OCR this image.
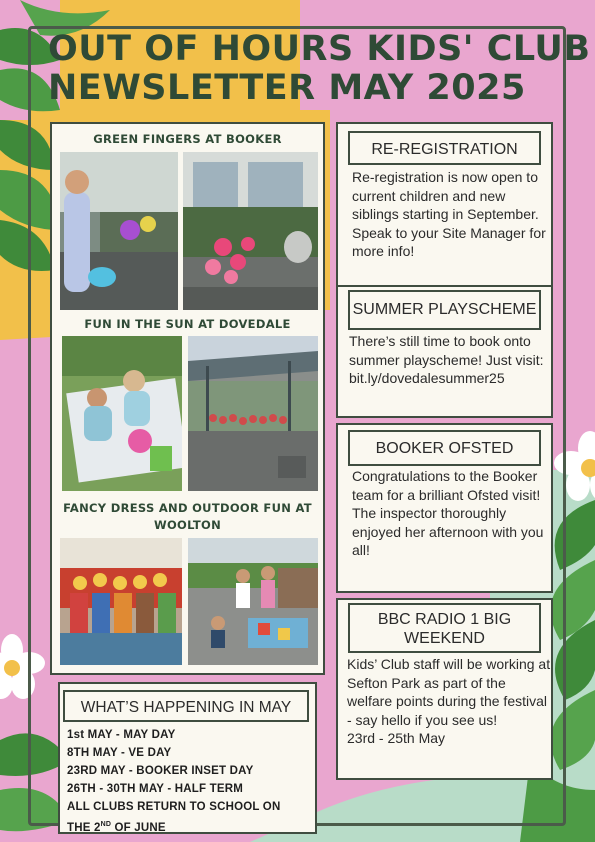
OUT OF HOURS KIDS' CLUB
NEWSLETTER MAY 2025
GREEN FINGERS AT BOOKER
FUN IN THE SUN AT DOVEDALE
FANCY DRESS AND OUTDOOR FUN AT
WOOLTON
RE-REGISTRATION
Re-registration is now open to current children and new siblings starting in September. Speak to your Site Manager for more info!
SUMMER PLAYSCHEME
There’s still time to book onto summer playscheme! Just visit: bit.ly/dovedalesummer25
BOOKER OFSTED
Congratulations to the Booker team for a brilliant Ofsted visit! The inspector thoroughly enjoyed her afternoon with you all!
BBC RADIO 1 BIG
WEEKEND
Kids’ Club staff will be working at Sefton Park as part of the welfare points during the festival - say hello if you see us!
23rd - 25th May
WHAT’S HAPPENING IN MAY
1st MAY - MAY DAY
8TH MAY - VE DAY
23RD MAY - BOOKER INSET DAY
26TH - 30TH MAY - HALF TERM
ALL CLUBS RETURN TO SCHOOL ON
THE 2ND OF JUNE
